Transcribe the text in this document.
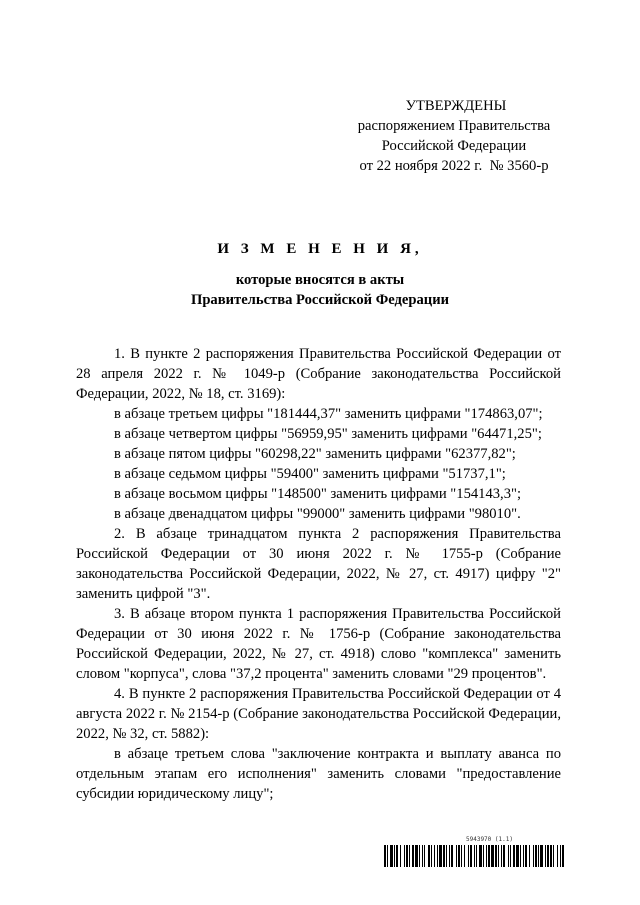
УТВЕРЖДЕНЫ
распоряжением Правительства
Российской Федерации
от 22 ноября 2022 г.  № 3560-р
И З М Е Н Е Н И Я,
которые вносятся в акты
Правительства Российской Федерации

1. В пункте 2 распоряжения Правительства Российской Федерации от 28 апреля 2022 г. № 1049-р (Собрание законодательства Российской Федерации, 2022, № 18, ст. 3169):

в абзаце третьем цифры "181444,37" заменить цифрами "174863,07";

в абзаце четвертом цифры "56959,95" заменить цифрами "64471,25";

в абзаце пятом цифры "60298,22" заменить цифрами "62377,82";

в абзаце седьмом цифры "59400" заменить цифрами "51737,1";

в абзаце восьмом цифры "148500" заменить цифрами "154143,3";

в абзаце двенадцатом цифры "99000" заменить цифрами "98010".

2. В абзаце тринадцатом пункта 2 распоряжения Правительства Российской Федерации от 30 июня 2022 г. № 1755-р (Собрание законодательства Российской Федерации, 2022, № 27, ст. 4917) цифру "2" заменить цифрой "3".

3. В абзаце втором пункта 1 распоряжения Правительства Российской Федерации от 30 июня 2022 г. № 1756-р (Собрание законодательства Российской Федерации, 2022, № 27, ст. 4918) слово "комплекса" заменить словом "корпуса", слова "37,2 процента" заменить словами "29 процентов".

4. В пункте 2 распоряжения Правительства Российской Федерации от 4 августа 2022 г. № 2154-р (Собрание законодательства Российской Федерации, 2022, № 32, ст. 5882):

в абзаце третьем слова "заключение контракта и выплату аванса по отдельным этапам его исполнения" заменить словами "предоставление субсидии юридическому лицу";

5943970 (1.1)
